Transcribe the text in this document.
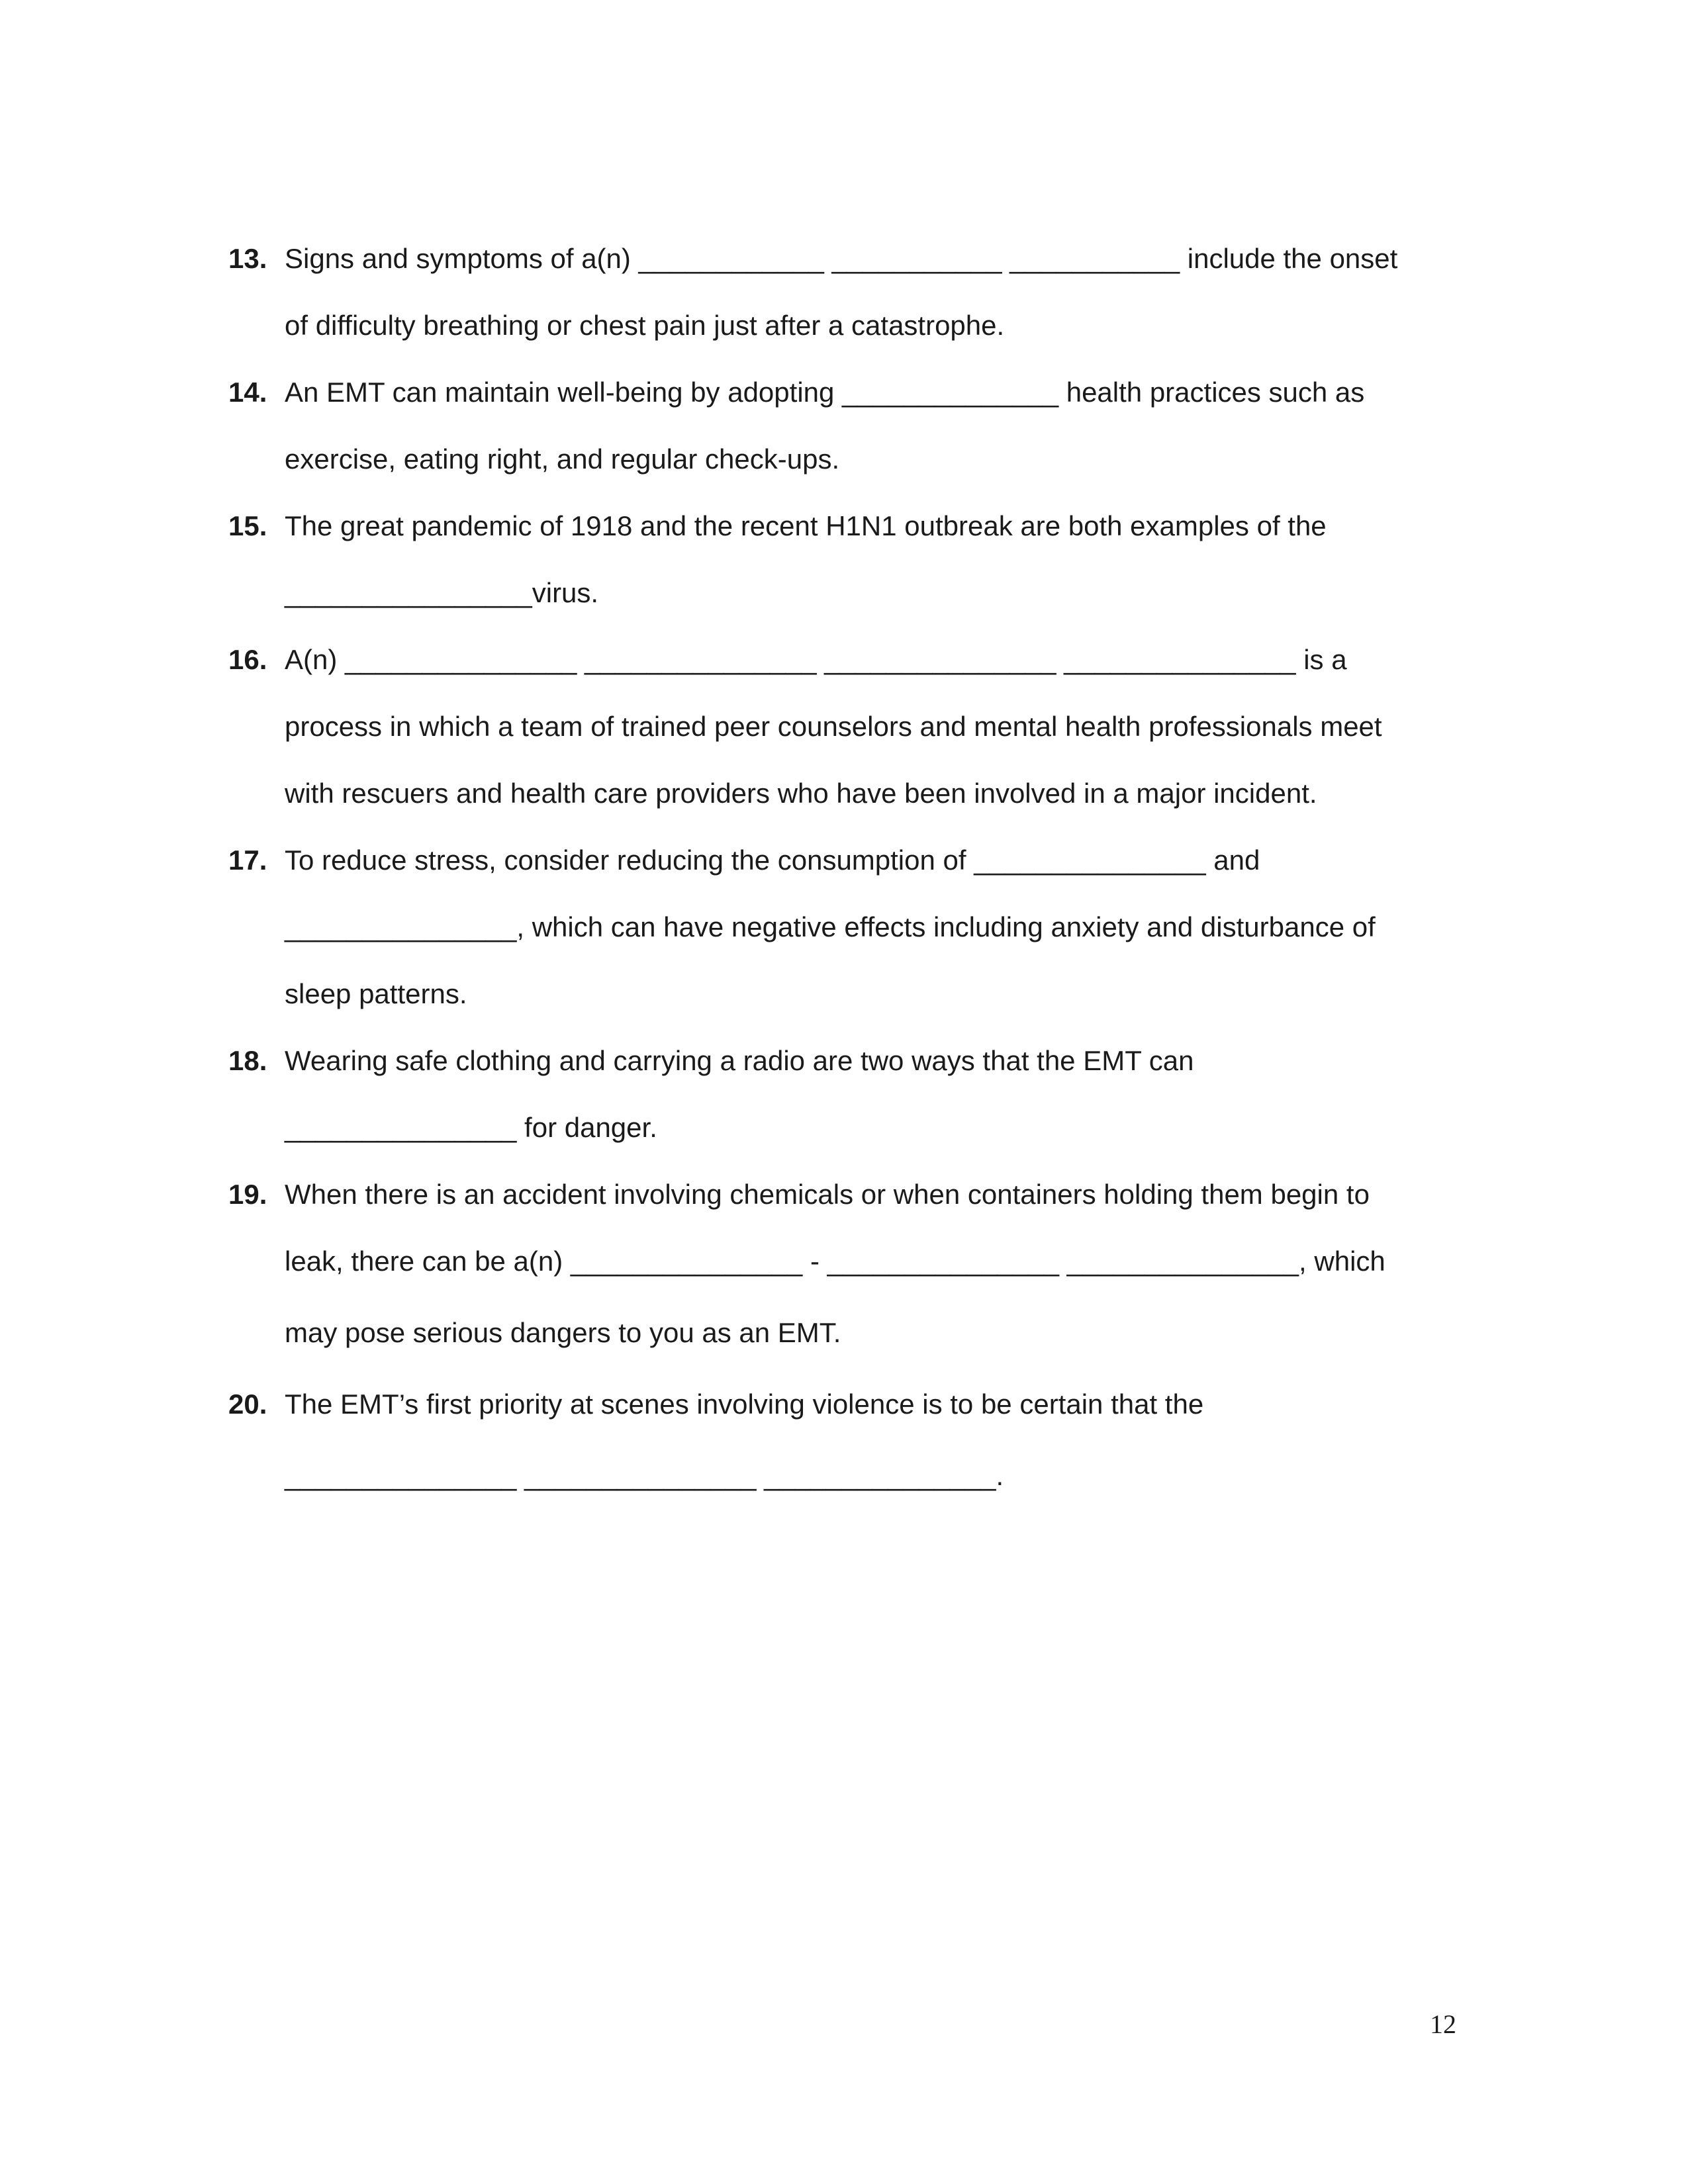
13. Signs and symptoms of a(n) ____________ ___________ ___________ include the onset
of difficulty breathing or chest pain just after a catastrophe.
14. An EMT can maintain well-being by adopting ______________ health practices such as
exercise, eating right, and regular check-ups.
15. The great pandemic of 1918 and the recent H1N1 outbreak are both examples of the
________________virus.
16. A(n) _______________ _______________ _______________ _______________ is a
process in which a team of trained peer counselors and mental health professionals meet
with rescuers and health care providers who have been involved in a major incident.
17. To reduce stress, consider reducing the consumption of _______________ and
_______________, which can have negative effects including anxiety and disturbance of
sleep patterns.
18. Wearing safe clothing and carrying a radio are two ways that the EMT can
_______________ for danger.
19. When there is an accident involving chemicals or when containers holding them begin to
leak, there can be a(n) _______________ - _______________ _______________, which
may pose serious dangers to you as an EMT.
20. The EMT’s first priority at scenes involving violence is to be certain that the
_______________ _______________ _______________.
12
